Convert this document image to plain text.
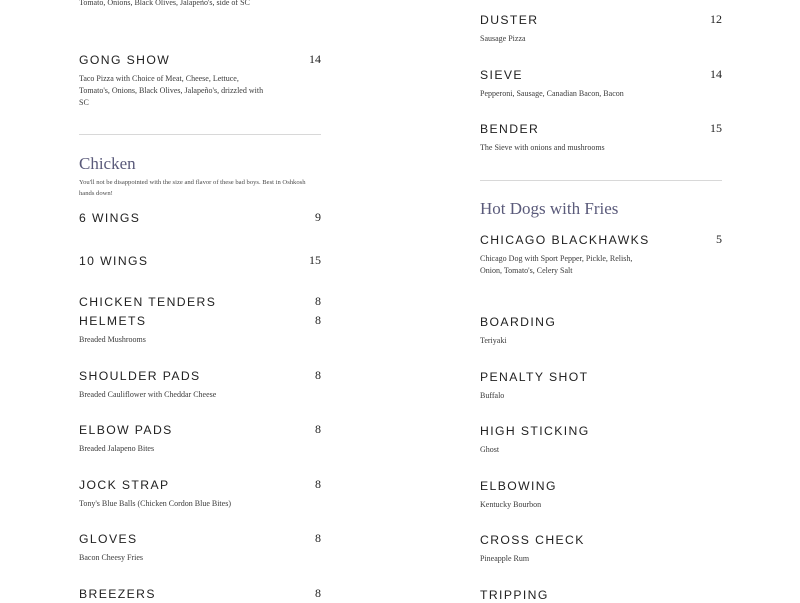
Tomato, Onions, Black Olives, Jalapeño's, side of SC
GONG SHOW	14
Taco Pizza with Choice of Meat, Cheese, Lettuce, Tomato's, Onions, Black Olives, Jalapeño's, drizzled with SC
Chicken
You'll not be disappointed with the size and flavor of these bad boys. Best in Oshkosh hands down!
6 WINGS	9
10 WINGS	15
CHICKEN TENDERS	8
DUSTER	12
Sausage Pizza
SIEVE	14
Pepperoni, Sausage, Canadian Bacon, Bacon
BENDER	15
The Sieve with onions and mushrooms
Hot Dogs with Fries
CHICAGO BLACKHAWKS	5
Chicago Dog with Sport Pepper, Pickle, Relish, Onion, Tomato's, Celery Salt
HELMETS	8
Breaded Mushrooms
SHOULDER PADS	8
Breaded Cauliflower with Cheddar Cheese
ELBOW PADS	8
Breaded Jalapeno Bites
JOCK STRAP	8
Tony's Blue Balls (Chicken Cordon Blue Bites)
GLOVES	8
Bacon Cheesy Fries
BREEZERS	8
BOARDING
Teriyaki
PENALTY SHOT
Buffalo
HIGH STICKING
Ghost
ELBOWING
Kentucky Bourbon
CROSS CHECK
Pineapple Rum
TRIPPING
